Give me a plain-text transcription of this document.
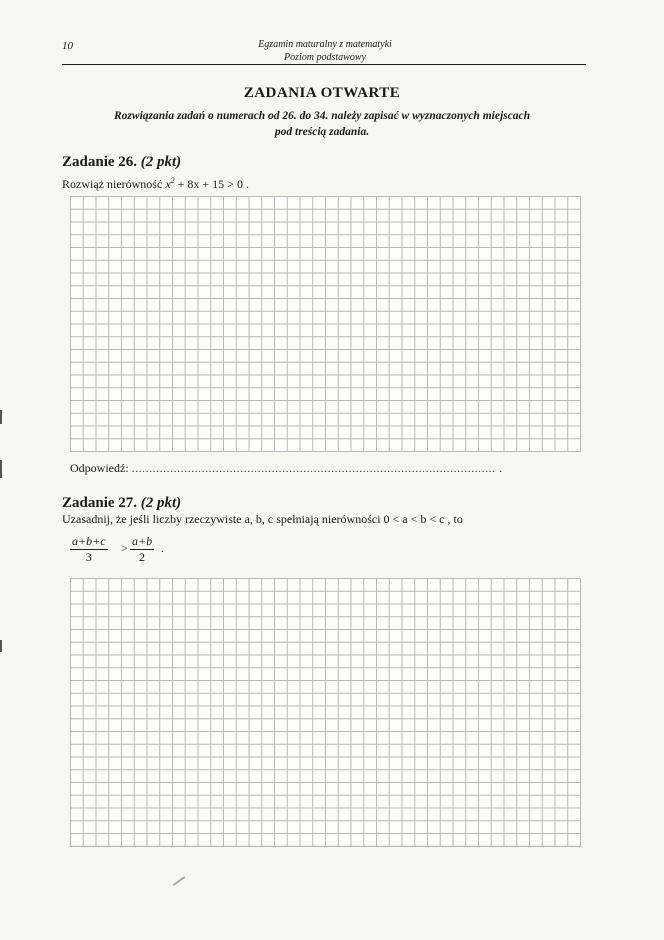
10	Egzamin maturalny z matematyki
Poziom podstawowy
ZADANIA OTWARTE
Rozwiązania zadań o numerach od 26. do 34. należy zapisać w wyznaczonych miejscach
pod treścią zadania.
Zadanie 26. (2 pkt)
Rozwiąż nierówność $x^2 + 8x + 15 > 0$ .
Odpowiedź: ........................................................................................................ .
Zadanie 27. (2 pkt)
Uzasadnij, że jeśli liczby rzeczywiste a, b, c spełniają nierówności 0 < a < b < c , to
$\frac{a+b+c}{3} > \frac{a+b}{2}$ .
